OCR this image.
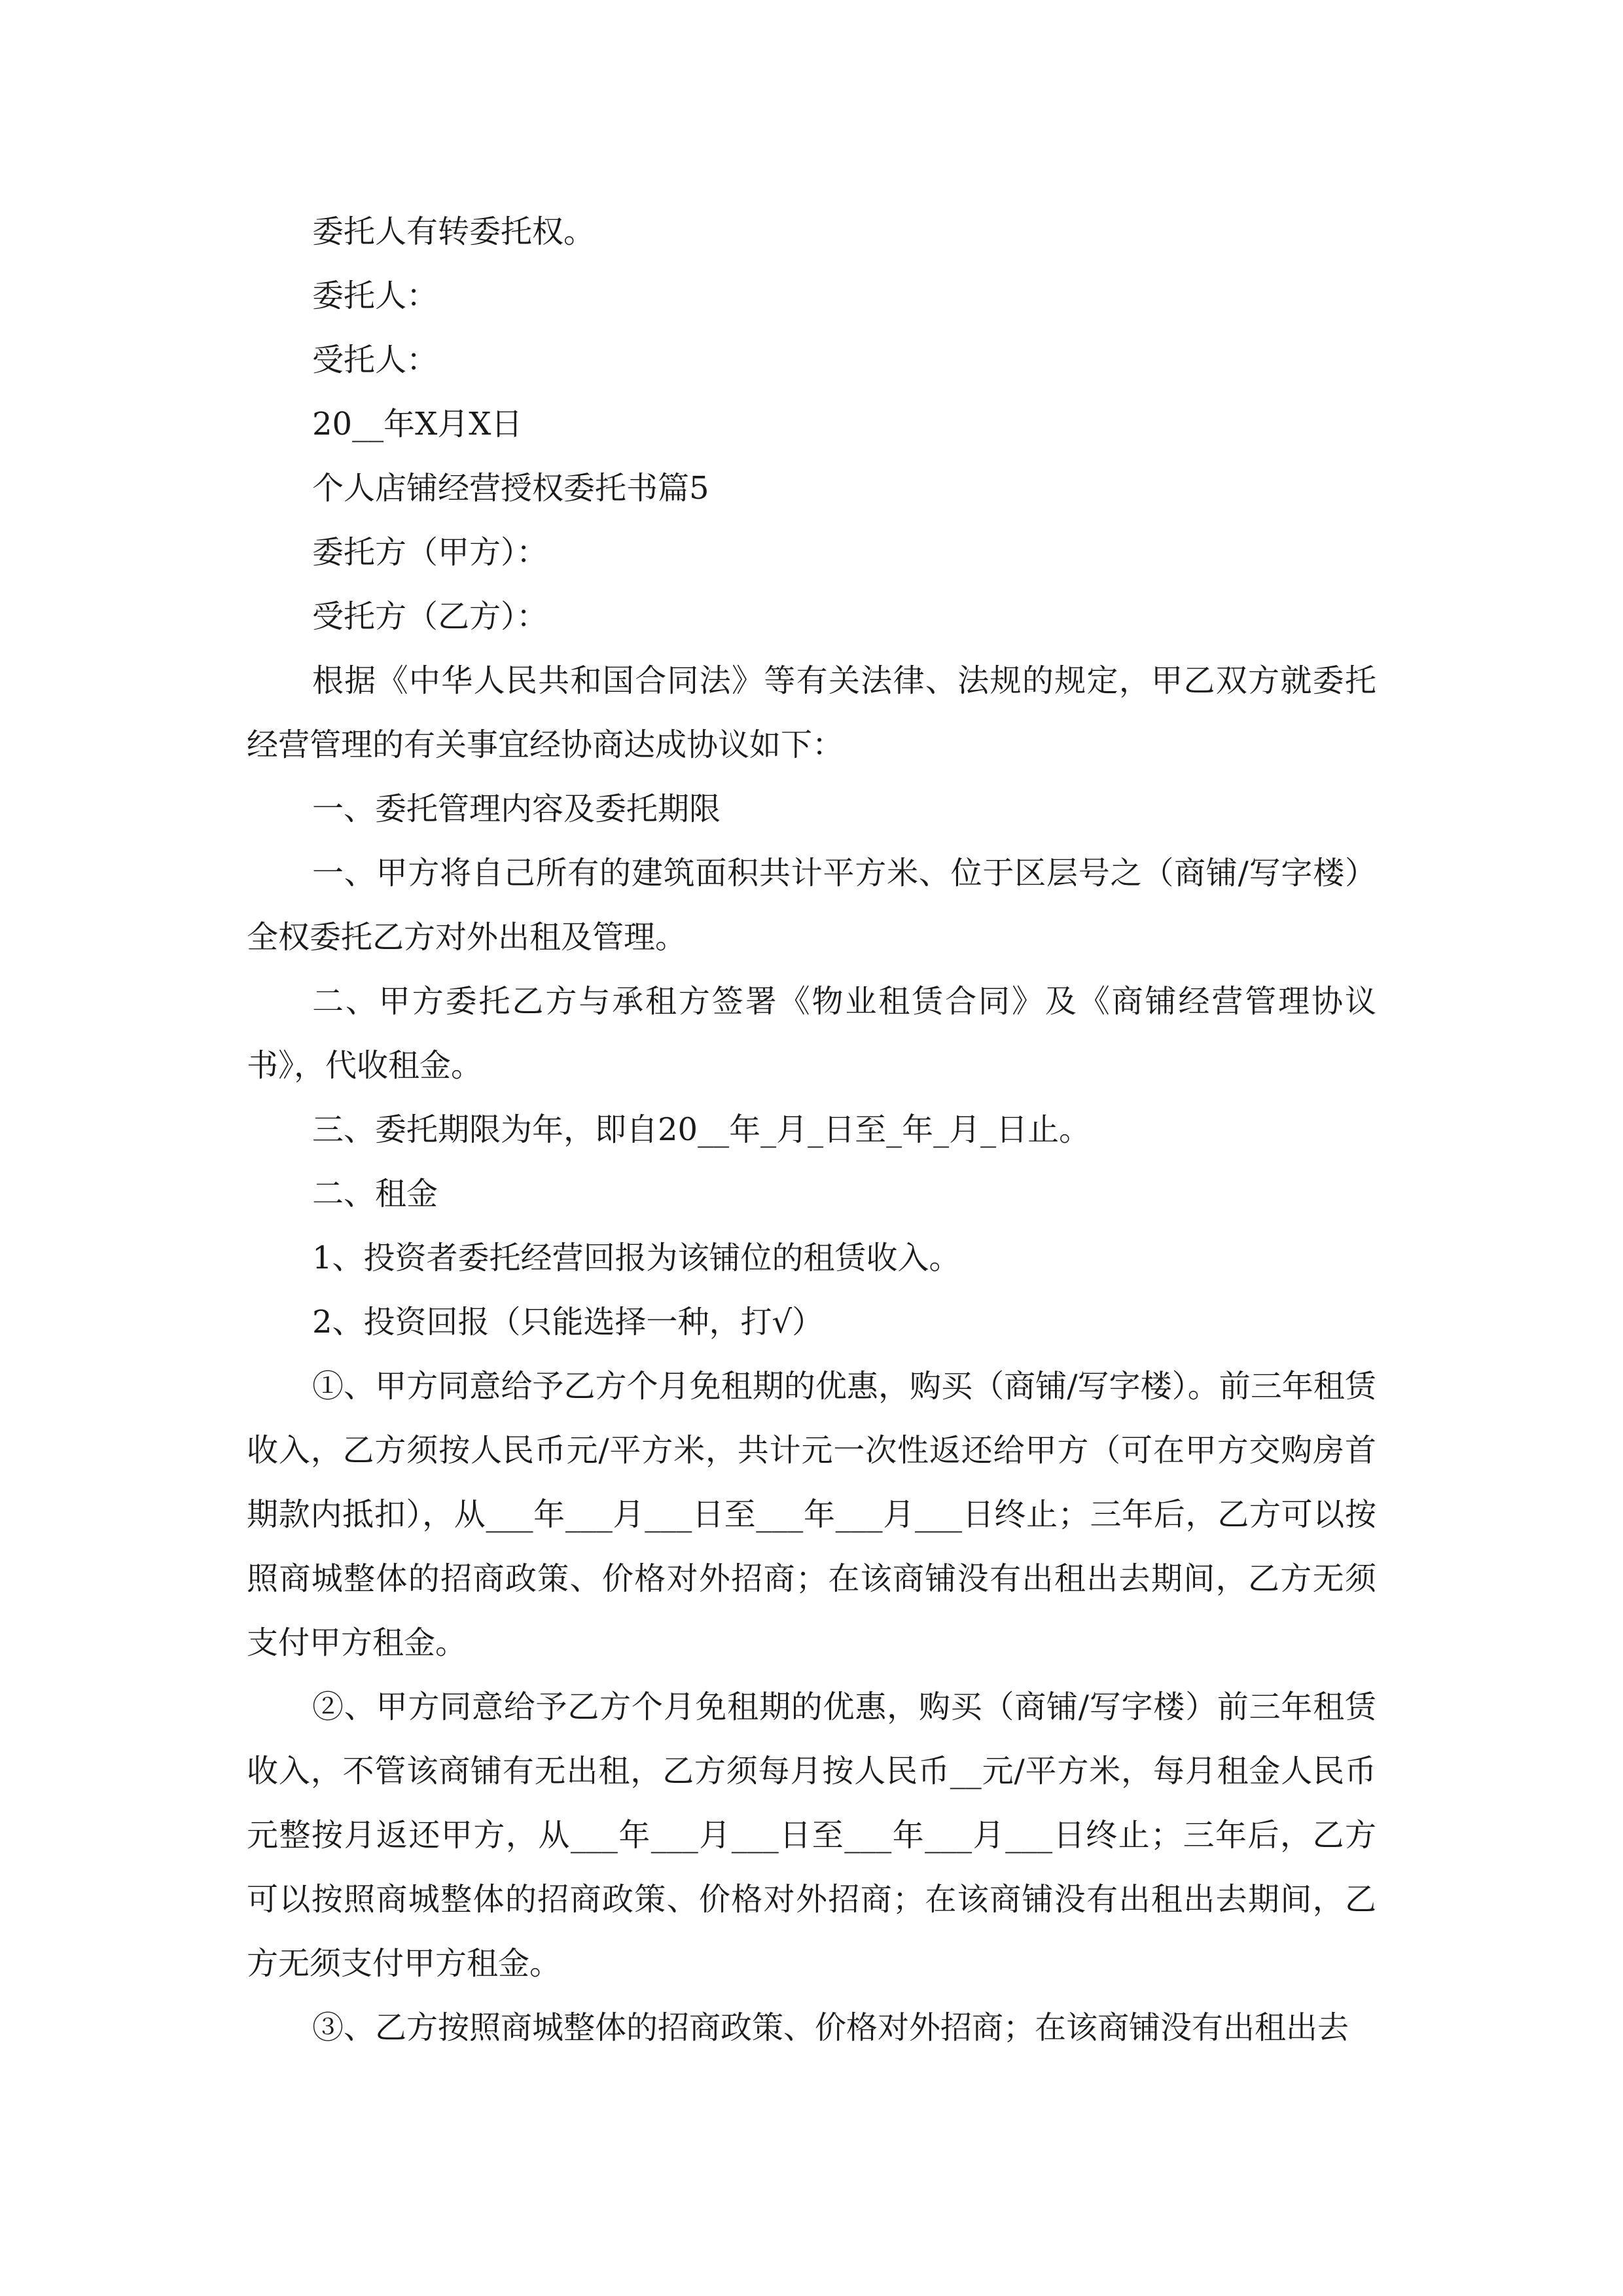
委托人有转委托权。

委托人：

受托人：

20__年X月X日

个人店铺经营授权委托书篇5

委托方（甲方）：

受托方（乙方）：

根据《中华人民共和国合同法》等有关法律、法规的规定，甲乙双方就委托经营管理的有关事宜经协商达成协议如下：

一、委托管理内容及委托期限

一、甲方将自己所有的建筑面积共计平方米、位于区层号之（商铺/写字楼）全权委托乙方对外出租及管理。

二、甲方委托乙方与承租方签署《物业租赁合同》及《商铺经营管理协议书》，代收租金。

三、委托期限为年，即自20__年_月_日至_年_月_日止。

二、租金

1、投资者委托经营回报为该铺位的租赁收入。

2、投资回报（只能选择一种，打√）

①、甲方同意给予乙方个月免租期的优惠，购买（商铺/写字楼）。前三年租赁收入，乙方须按人民币元/平方米，共计元一次性返还给甲方（可在甲方交购房首期款内抵扣），从___年___月___日至___年___月___日终止；三年后，乙方可以按照商城整体的招商政策、价格对外招商；在该商铺没有出租出去期间，乙方无须支付甲方租金。

②、甲方同意给予乙方个月免租期的优惠，购买（商铺/写字楼）前三年租赁收入，不管该商铺有无出租，乙方须每月按人民币__元/平方米，每月租金人民币元整按月返还甲方，从___年___月___日至___年___月___日终止；三年后，乙方可以按照商城整体的招商政策、价格对外招商；在该商铺没有出租出去期间，乙方无须支付甲方租金。

③、乙方按照商城整体的招商政策、价格对外招商；在该商铺没有出租出去
